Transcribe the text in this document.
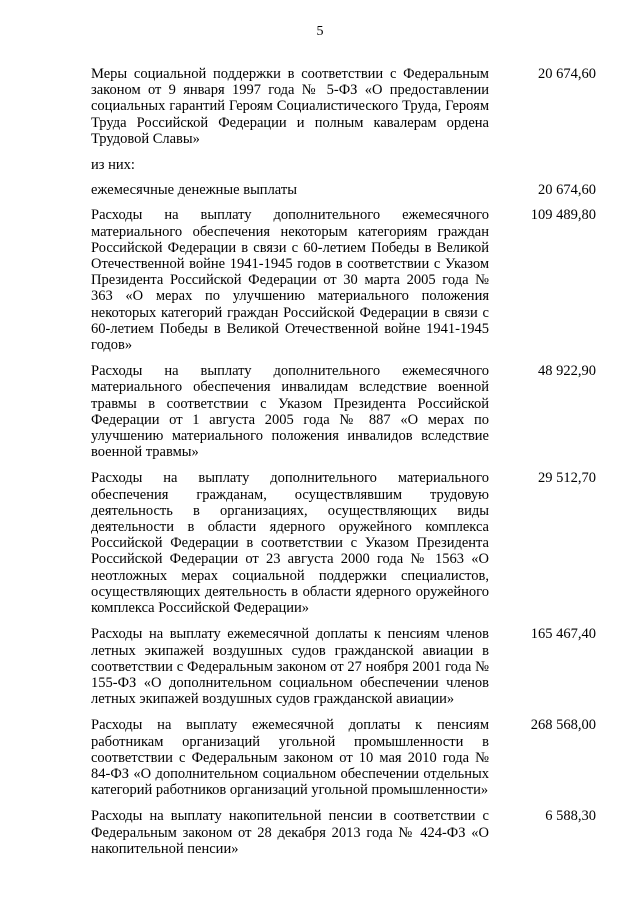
5
Меры социальной поддержки в соответствии с Федеральным законом от 9 января 1997 года № 5-ФЗ «О предоставлении социальных гарантий Героям Социалистического Труда, Героям Труда Российской Федерации и полным кавалерам ордена Трудовой Славы»
20 674,60
из них:
ежемесячные денежные выплаты	20 674,60
Расходы на выплату дополнительного ежемесячного материального обеспечения некоторым категориям граждан Российской Федерации в связи с 60-летием Победы в Великой Отечественной войне 1941-1945 годов в соответствии с Указом Президента Российской Федерации от 30 марта 2005 года № 363 «О мерах по улучшению материального положения некоторых категорий граждан Российской Федерации в связи с 60-летием Победы в Великой Отечественной войне 1941-1945 годов»
109 489,80
Расходы на выплату дополнительного ежемесячного материального обеспечения инвалидам вследствие военной травмы в соответствии с Указом Президента Российской Федерации от 1 августа 2005 года № 887 «О мерах по улучшению материального положения инвалидов вследствие военной травмы»
48 922,90
Расходы на выплату дополнительного материального обеспечения гражданам, осуществлявшим трудовую деятельность в организациях, осуществляющих виды деятельности в области ядерного оружейного комплекса Российской Федерации в соответствии с Указом Президента Российской Федерации от 23 августа 2000 года № 1563 «О неотложных мерах социальной поддержки специалистов, осуществляющих деятельность в области ядерного оружейного комплекса Российской Федерации»
29 512,70
Расходы на выплату ежемесячной доплаты к пенсиям членов летных экипажей воздушных судов гражданской авиации в соответствии с Федеральным законом от 27 ноября 2001 года № 155-ФЗ «О дополнительном социальном обеспечении членов летных экипажей воздушных судов гражданской авиации»
165 467,40
Расходы на выплату ежемесячной доплаты к пенсиям работникам организаций угольной промышленности в соответствии с Федеральным законом от 10 мая 2010 года № 84-ФЗ «О дополнительном социальном обеспечении отдельных категорий работников организаций угольной промышленности»
268 568,00
Расходы на выплату накопительной пенсии в соответствии с Федеральным законом от 28 декабря 2013 года № 424-ФЗ «О накопительной пенсии»
6 588,30
